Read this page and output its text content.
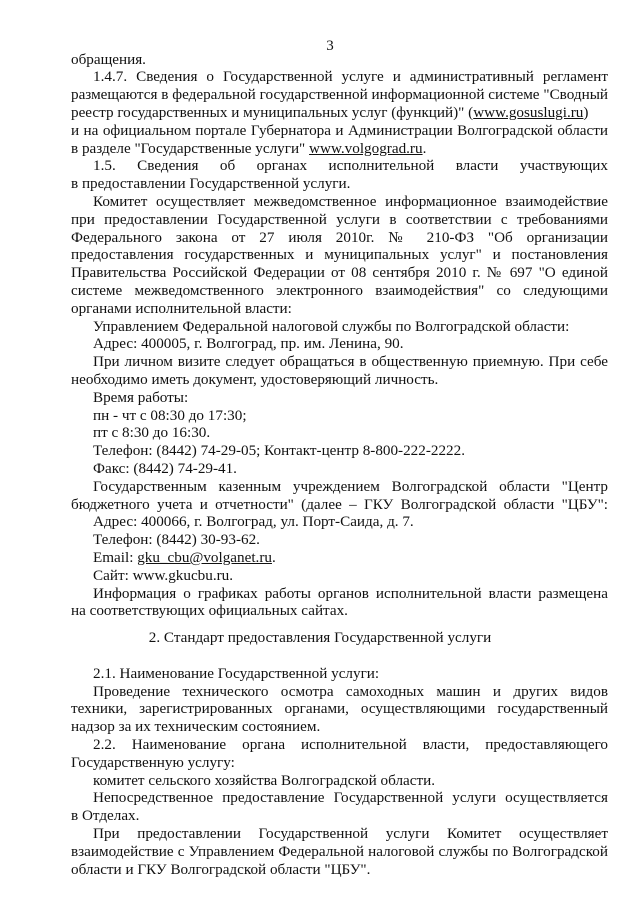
3
обращения.
1.4.7. Сведения о Государственной услуге и административный регламент
размещаются в федеральной государственной информационной системе "Сводный
реестр государственных и муниципальных услуг (функций)" (www.gosuslugi.ru)
и на официальном портале Губернатора и Администрации Волгоградской области
в разделе "Государственные услуги" www.volgograd.ru.
1.5. Сведения об органах исполнительной власти участвующих
в предоставлении Государственной услуги.
Комитет осуществляет межведомственное информационное взаимодействие
при предоставлении Государственной услуги в соответствии с требованиями
Федерального закона от 27 июля 2010г. № 210-ФЗ "Об организации
предоставления государственных и муниципальных услуг" и постановления
Правительства Российской Федерации от 08 сентября 2010 г. № 697 "О единой
системе межведомственного электронного взаимодействия" со следующими
органами исполнительной власти:
Управлением Федеральной налоговой службы по Волгоградской области:
Адрес: 400005, г. Волгоград, пр. им. Ленина, 90.
При личном визите следует обращаться в общественную приемную. При себе
необходимо иметь документ, удостоверяющий личность.
Время работы:
пн - чт с 08:30 до 17:30;
пт с 8:30 до 16:30.
Телефон: (8442) 74-29-05; Контакт-центр 8-800-222-2222.
Факс: (8442) 74-29-41.
Государственным казенным учреждением Волгоградской области "Центр
бюджетного учета и отчетности" (далее – ГКУ Волгоградской области "ЦБУ":
Адрес: 400066, г. Волгоград, ул. Порт-Саида, д. 7.
Телефон: (8442) 30-93-62.
Email: gku_cbu@volganet.ru.
Сайт: www.gkucbu.ru.
Информация о графиках работы органов исполнительной власти размещена
на соответствующих официальных сайтах.
2. Стандарт предоставления Государственной услуги
2.1. Наименование Государственной услуги:
Проведение технического осмотра самоходных машин и других видов
техники, зарегистрированных органами, осуществляющими государственный
надзор за их техническим состоянием.
2.2. Наименование органа исполнительной власти, предоставляющего
Государственную услугу:
комитет сельского хозяйства Волгоградской области.
Непосредственное предоставление Государственной услуги осуществляется
в Отделах.
При предоставлении Государственной услуги Комитет осуществляет
взаимодействие с Управлением Федеральной налоговой службы по Волгоградской
области и ГКУ Волгоградской области "ЦБУ".
